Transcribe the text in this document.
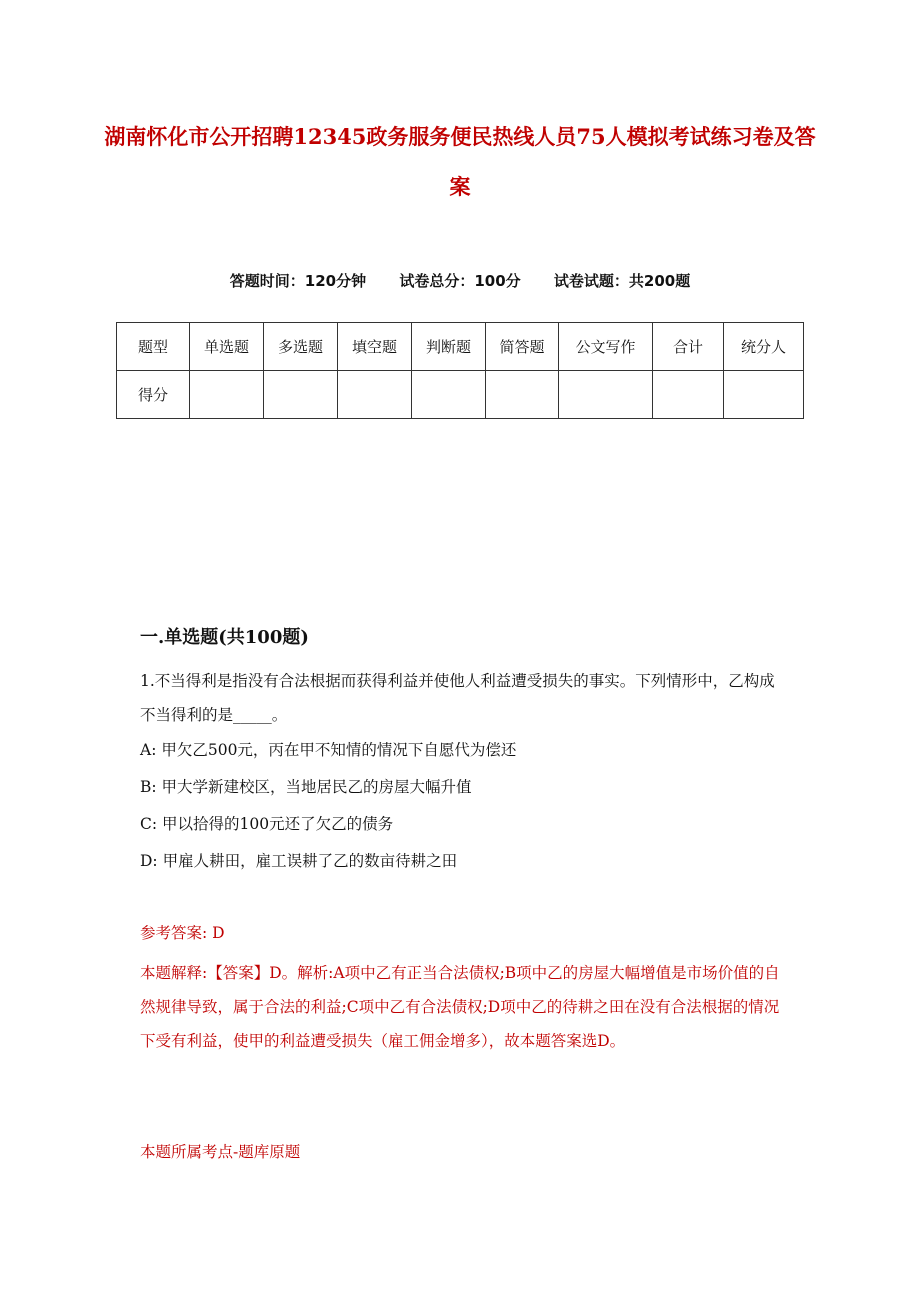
湖南怀化市公开招聘12345政务服务便民热线人员75人模拟考试练习卷及答案
答题时间：120分钟 试卷总分：100分 试卷试题：共200题
题型	单选题	多选题	填空题	判断题	简答题	公文写作	合计	统分人
得分								
一.单选题(共100题)

1.不当得利是指没有合法根据而获得利益并使他人利益遭受损失的事实。下列情形中，乙构成不当得利的是_____。

A: 甲欠乙500元，丙在甲不知情的情况下自愿代为偿还

B: 甲大学新建校区，当地居民乙的房屋大幅升值

C: 甲以拾得的100元还了欠乙的债务

D: 甲雇人耕田，雇工误耕了乙的数亩待耕之田

参考答案: D

本题解释:【答案】D。解析:A项中乙有正当合法债权;B项中乙的房屋大幅增值是市场价值的自然规律导致，属于合法的利益;C项中乙有合法债权;D项中乙的待耕之田在没有合法根据的情况下受有利益，使甲的利益遭受损失（雇工佣金增多），故本题答案选D。

本题所属考点-题库原题
